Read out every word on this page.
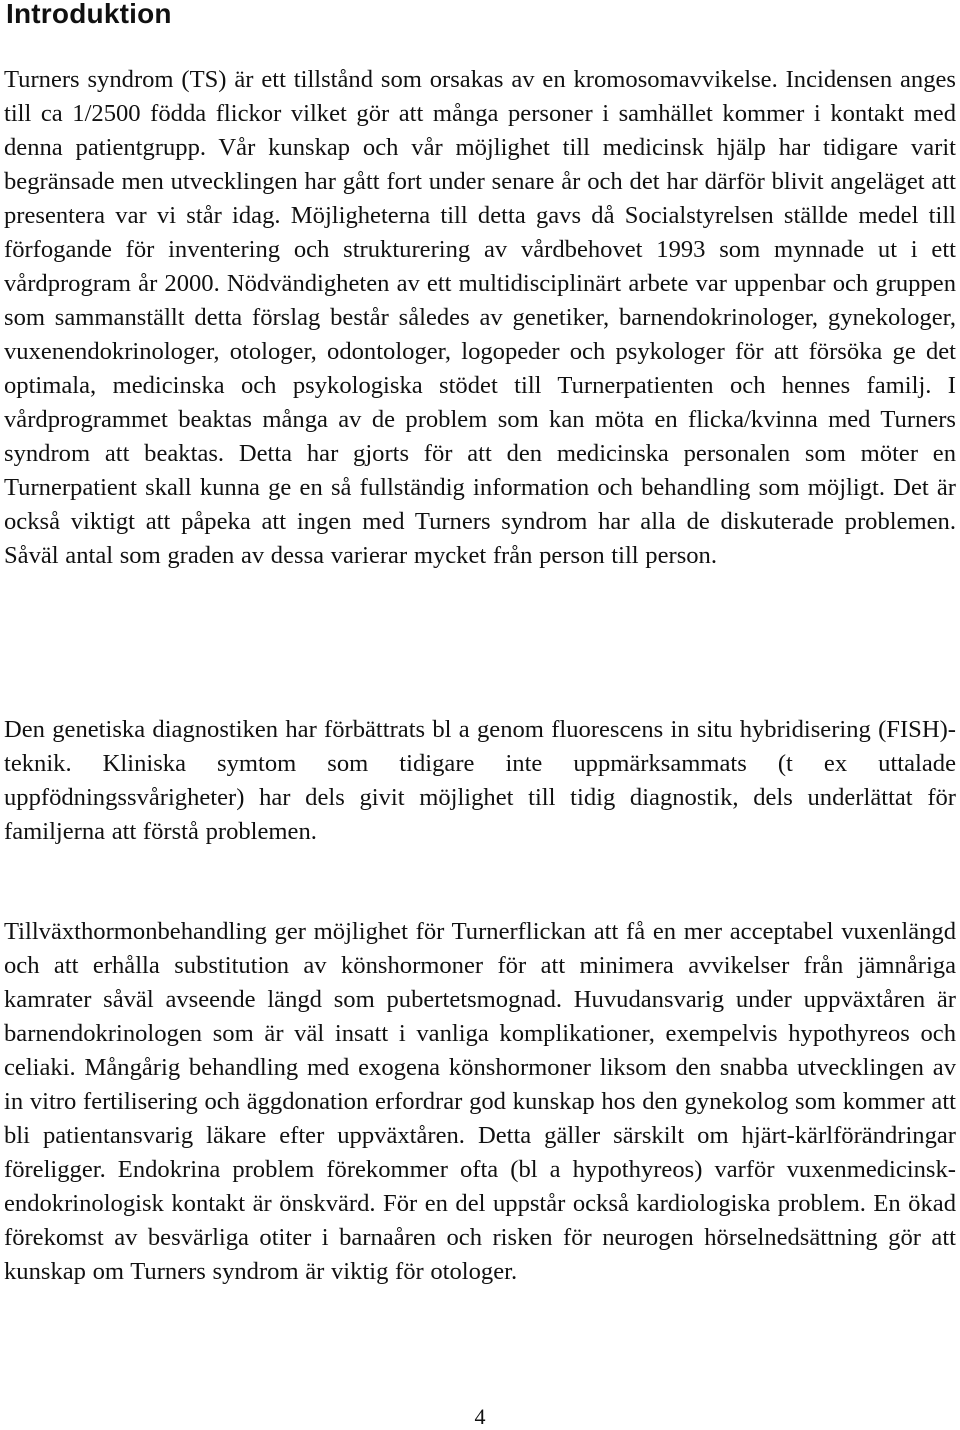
Introduktion

Turners syndrom (TS) är ett tillstånd som orsakas av en kromosomavvikelse. Incidensen anges till ca 1/2500 födda flickor vilket gör att många personer i samhället kommer i kontakt med denna patientgrupp. Vår kunskap och vår möjlighet till medicinsk hjälp har tidigare varit begränsade men utvecklingen har gått fort under senare år och det har därför blivit angeläget att presentera var vi står idag. Möjligheterna till detta gavs då Socialstyrelsen ställde medel till förfogande för inventering och strukturering av vårdbehovet 1993 som mynnade ut i ett vårdprogram år 2000. Nödvändigheten av ett multidisciplinärt arbete var uppenbar och gruppen som sammanställt detta förslag består således av genetiker, barnendokrinologer, gynekologer, vuxenendokrinologer, otologer, odontologer, logopeder och psykologer för att försöka ge det optimala, medicinska och psykologiska stödet till Turnerpatienten och hennes familj. I vårdprogrammet beaktas många av de problem som kan möta en flicka/kvinna med Turners syndrom att beaktas. Detta har gjorts för att den medicinska personalen som möter en Turnerpatient skall kunna ge en så fullständig information och behandling som möjligt. Det är också viktigt att påpeka att ingen med Turners syndrom har alla de diskuterade problemen. Såväl antal som graden av dessa varierar mycket från person till person.

Den genetiska diagnostiken har förbättrats bl a genom fluorescens in situ hybridisering (FISH)-teknik. Kliniska symtom som tidigare inte uppmärksammats (t ex uttalade uppfödningssvårigheter) har dels givit möjlighet till tidig diagnostik, dels underlättat för familjerna att förstå problemen.

Tillväxthormonbehandling ger möjlighet för Turnerflickan att få en mer acceptabel vuxenlängd och att erhålla substitution av könshormoner för att minimera avvikelser från jämnåriga kamrater såväl avseende längd som pubertetsmognad. Huvudansvarig under uppväxtåren är barnendokrinologen som är väl insatt i vanliga komplikationer, exempelvis hypothyreos och celiaki. Mångårig behandling med exogena könshormoner liksom den snabba utvecklingen av in vitro fertilisering och äggdonation erfordrar god kunskap hos den gynekolog som kommer att bli patientansvarig läkare efter uppväxtåren. Detta gäller särskilt om hjärt-kärlförändringar föreligger. Endokrina problem förekommer ofta (bl a hypothyreos) varför vuxenmedicinsk-endokrinologisk kontakt är önskvärd. För en del uppstår också kardiologiska problem. En ökad förekomst av besvärliga otiter i barnaåren och risken för neurogen hörselnedsättning gör att kunskap om Turners syndrom är viktig för otologer.

4
